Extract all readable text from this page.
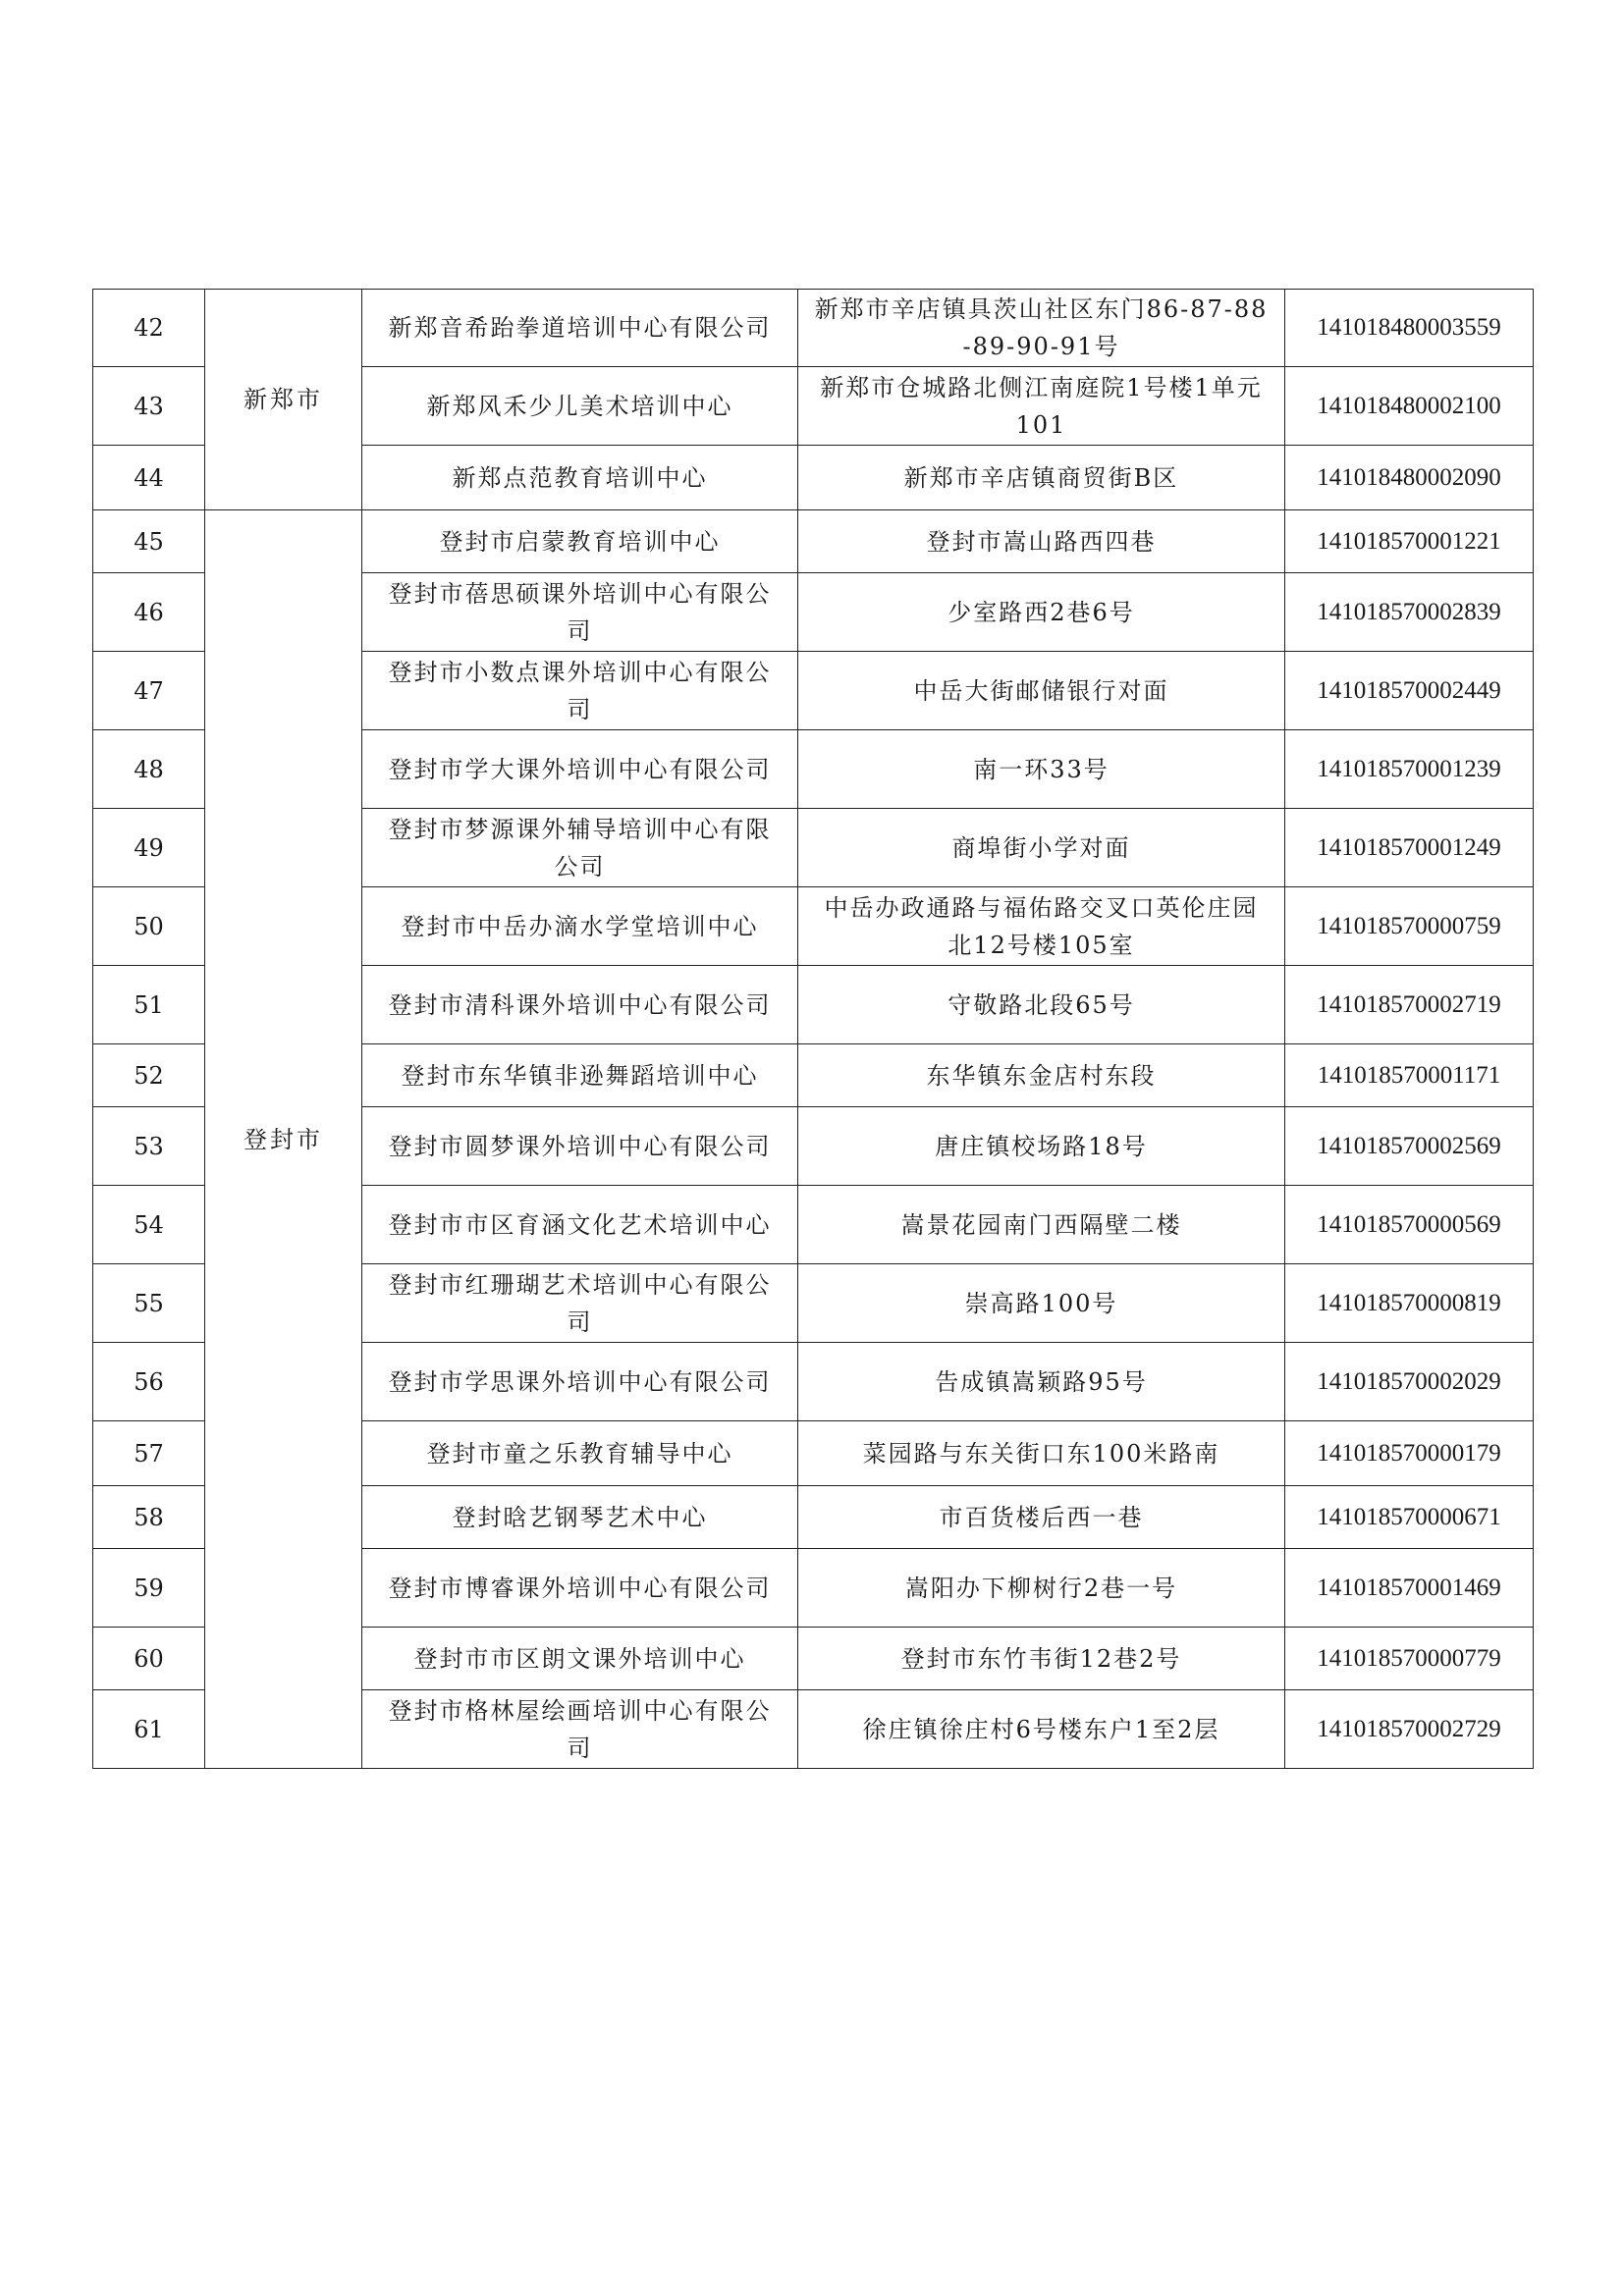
42	新郑市	新郑音希跆拳道培训中心有限公司	新郑市辛店镇具茨山社区东门86-87-88-89-90-91号	141018480003559
43		新郑风禾少儿美术培训中心	新郑市仓城路北侧江南庭院1号楼1单元101	141018480002100
44		新郑点范教育培训中心	新郑市辛店镇商贸街B区	141018480002090
45	登封市	登封市启蒙教育培训中心	登封市嵩山路西四巷	141018570001221
46		登封市蓓思硕课外培训中心有限公司	少室路西2巷6号	141018570002839
47		登封市小数点课外培训中心有限公司	中岳大街邮储银行对面	141018570002449
48		登封市学大课外培训中心有限公司	南一环33号	141018570001239
49		登封市梦源课外辅导培训中心有限公司	商埠街小学对面	141018570001249
50		登封市中岳办滴水学堂培训中心	中岳办政通路与福佑路交叉口英伦庄园北12号楼105室	141018570000759
51		登封市清科课外培训中心有限公司	守敬路北段65号	141018570002719
52		登封市东华镇非逊舞蹈培训中心	东华镇东金店村东段	141018570001171
53		登封市圆梦课外培训中心有限公司	唐庄镇校场路18号	141018570002569
54		登封市市区育涵文化艺术培训中心	嵩景花园南门西隔壁二楼	141018570000569
55		登封市红珊瑚艺术培训中心有限公司	崇高路100号	141018570000819
56		登封市学思课外培训中心有限公司	告成镇嵩颖路95号	141018570002029
57		登封市童之乐教育辅导中心	菜园路与东关街口东100米路南	141018570000179
58		登封晗艺钢琴艺术中心	市百货楼后西一巷	141018570000671
59		登封市博睿课外培训中心有限公司	嵩阳办下柳树行2巷一号	141018570001469
60		登封市市区朗文课外培训中心	登封市东竹韦街12巷2号	141018570000779
61		登封市格林屋绘画培训中心有限公司	徐庄镇徐庄村6号楼东户1至2层	141018570002729
